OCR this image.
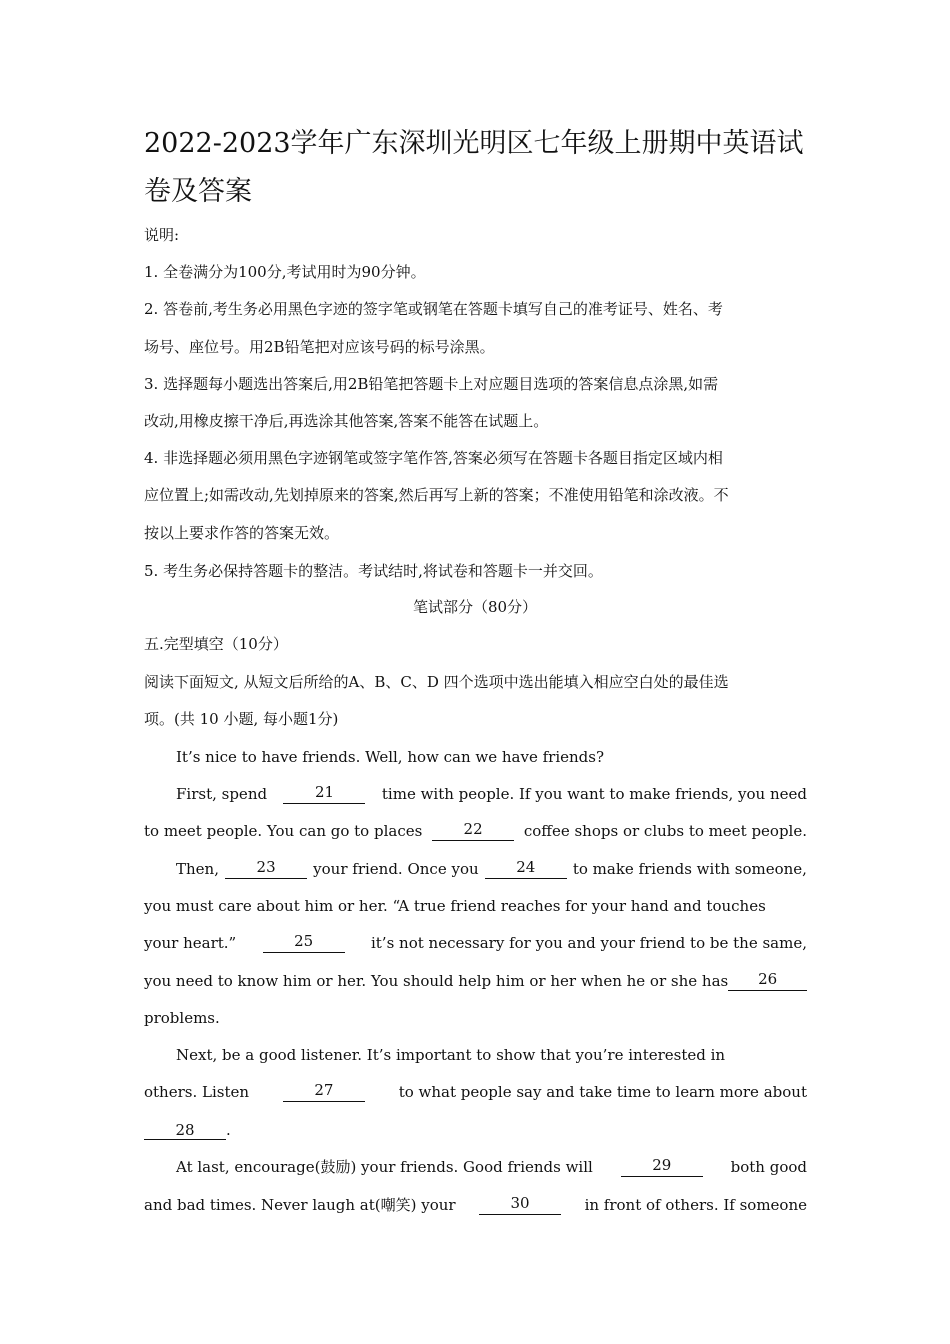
2022-2023学年广东深圳光明区七年级上册期中英语试卷及答案
说明:
1. 全卷满分为100分,考试用时为90分钟。
2. 答卷前,考生务必用黑色字迹的签字笔或钢笔在答题卡填写自己的准考证号、姓名、考
场号、座位号。用2B铅笔把对应该号码的标号涂黑。
3. 选择题每小题选出答案后,用2B铅笔把答题卡上对应题目选项的答案信息点涂黑,如需
改动,用橡皮擦干净后,再选涂其他答案,答案不能答在试题上。
4. 非选择题必须用黑色字迹钢笔或签字笔作答,答案必须写在答题卡各题目指定区域内相
应位置上;如需改动,先划掉原来的答案,然后再写上新的答案；不准使用铅笔和涂改液。不
按以上要求作答的答案无效。
5. 考生务必保持答题卡的整洁。考试结时,将试卷和答题卡一并交回。
笔试部分（80分）
五.完型填空（10分）
阅读下面短文, 从短文后所给的A、B、C、D 四个选项中选出能填入相应空白处的最佳选
项。(共 10 小题, 每小题1分)
It’s nice to have friends. Well, how can we have friends?
First, spend	21	time with people. If you want to make friends, you need
to meet people. You can go to places	22	coffee shops or clubs to meet people.
Then,	23	your friend. Once you	24	to make friends with someone,
you must care about him or her. “A true friend reaches for your hand and touches
your heart.”	25	it’s not necessary for you and your friend to be the same,
you need to know him or her. You should help him or her when he or she has	26
problems.
Next, be a good listener. It’s important to show that you’re interested in
others. Listen	27	to what people say and take time to learn more about
28 .
At last, encourage(鼓励) your friends. Good friends will	29	both good
and bad times. Never laugh at(嘲笑) your	30	in front of others. If someone
